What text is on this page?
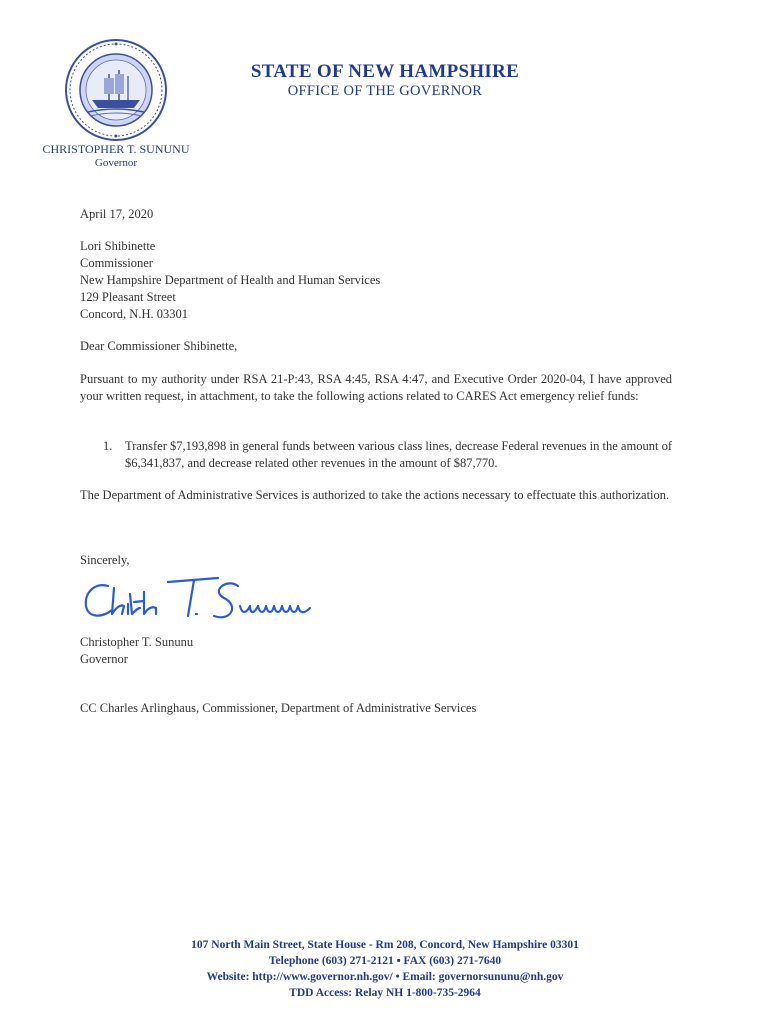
STATE OF NEW HAMPSHIRE
OFFICE OF THE GOVERNOR
CHRISTOPHER T. SUNUNU
Governor
April 17, 2020
Lori Shibinette
Commissioner
New Hampshire Department of Health and Human Services
129 Pleasant Street
Concord, N.H. 03301
Dear Commissioner Shibinette,
Pursuant to my authority under RSA 21-P:43, RSA 4:45, RSA 4:47, and Executive Order 2020-04, I have approved your written request, in attachment, to take the following actions related to CARES Act emergency relief funds:
1. Transfer $7,193,898 in general funds between various class lines, decrease Federal revenues in the amount of $6,341,837, and decrease related other revenues in the amount of $87,770.
The Department of Administrative Services is authorized to take the actions necessary to effectuate this authorization.
Sincerely,
Christopher T. Sununu
Governor
CC Charles Arlinghaus, Commissioner, Department of Administrative Services
107 North Main Street, State House - Rm 208, Concord, New Hampshire 03301
Telephone (603) 271-2121 ▪ FAX (603) 271-7640
Website: http://www.governor.nh.gov/ • Email: governorsununu@nh.gov
TDD Access: Relay NH 1-800-735-2964
